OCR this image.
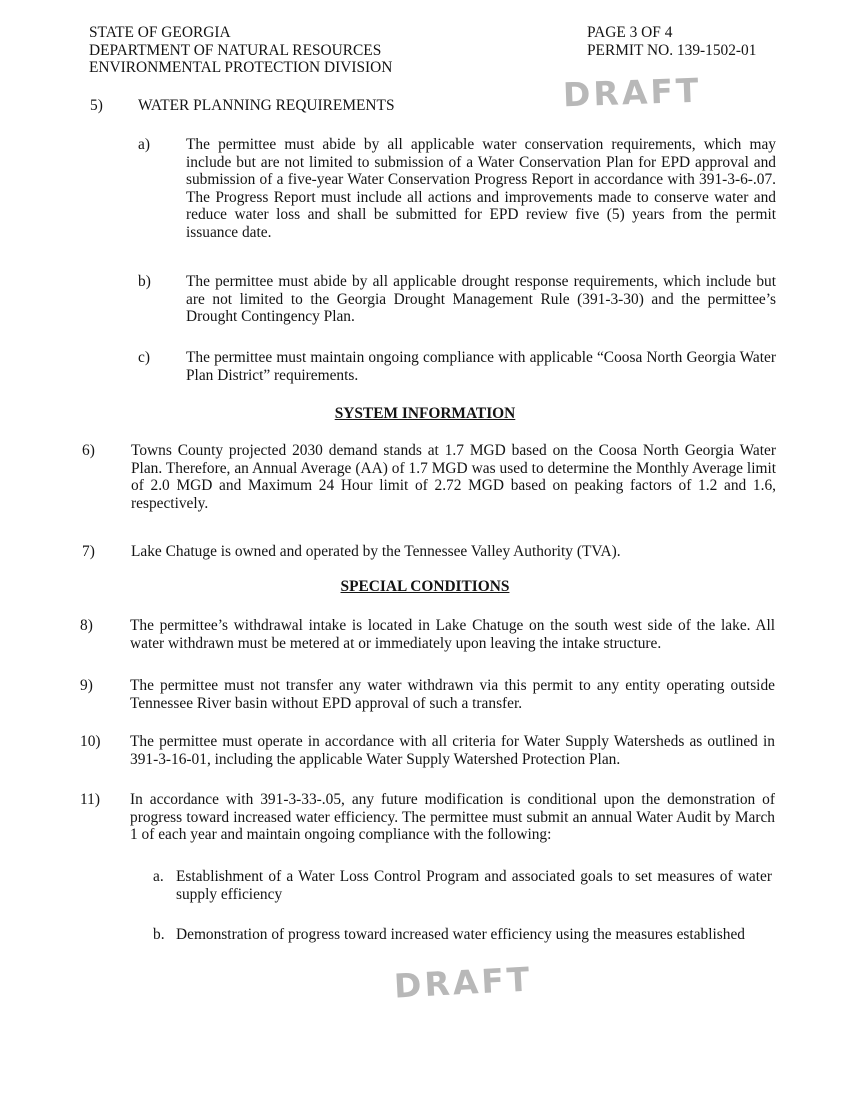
STATE OF GEORGIA
DEPARTMENT OF NATURAL RESOURCES
ENVIRONMENTAL PROTECTION DIVISION
PAGE 3 OF 4
PERMIT NO. 139-1502-01
DRAFT
5) WATER PLANNING REQUIREMENTS
a) The permittee must abide by all applicable water conservation requirements, which may include but are not limited to submission of a Water Conservation Plan for EPD approval and submission of a five-year Water Conservation Progress Report in accordance with 391-3-6-.07. The Progress Report must include all actions and improvements made to conserve water and reduce water loss and shall be submitted for EPD review five (5) years from the permit issuance date.
b) The permittee must abide by all applicable drought response requirements, which include but are not limited to the Georgia Drought Management Rule (391-3-30) and the permittee’s Drought Contingency Plan.
c) The permittee must maintain ongoing compliance with applicable “Coosa North Georgia Water Plan District” requirements.
SYSTEM INFORMATION
6) Towns County projected 2030 demand stands at 1.7 MGD based on the Coosa North Georgia Water Plan. Therefore, an Annual Average (AA) of 1.7 MGD was used to determine the Monthly Average limit of 2.0 MGD and Maximum 24 Hour limit of 2.72 MGD based on peaking factors of 1.2 and 1.6, respectively.
7) Lake Chatuge is owned and operated by the Tennessee Valley Authority (TVA).
SPECIAL CONDITIONS
8) The permittee’s withdrawal intake is located in Lake Chatuge on the south west side of the lake. All water withdrawn must be metered at or immediately upon leaving the intake structure.
9) The permittee must not transfer any water withdrawn via this permit to any entity operating outside Tennessee River basin without EPD approval of such a transfer.
10) The permittee must operate in accordance with all criteria for Water Supply Watersheds as outlined in 391-3-16-01, including the applicable Water Supply Watershed Protection Plan.
11) In accordance with 391-3-33-.05, any future modification is conditional upon the demonstration of progress toward increased water efficiency. The permittee must submit an annual Water Audit by March 1 of each year and maintain ongoing compliance with the following:
a. Establishment of a Water Loss Control Program and associated goals to set measures of water supply efficiency
b. Demonstration of progress toward increased water efficiency using the measures established
DRAFT
